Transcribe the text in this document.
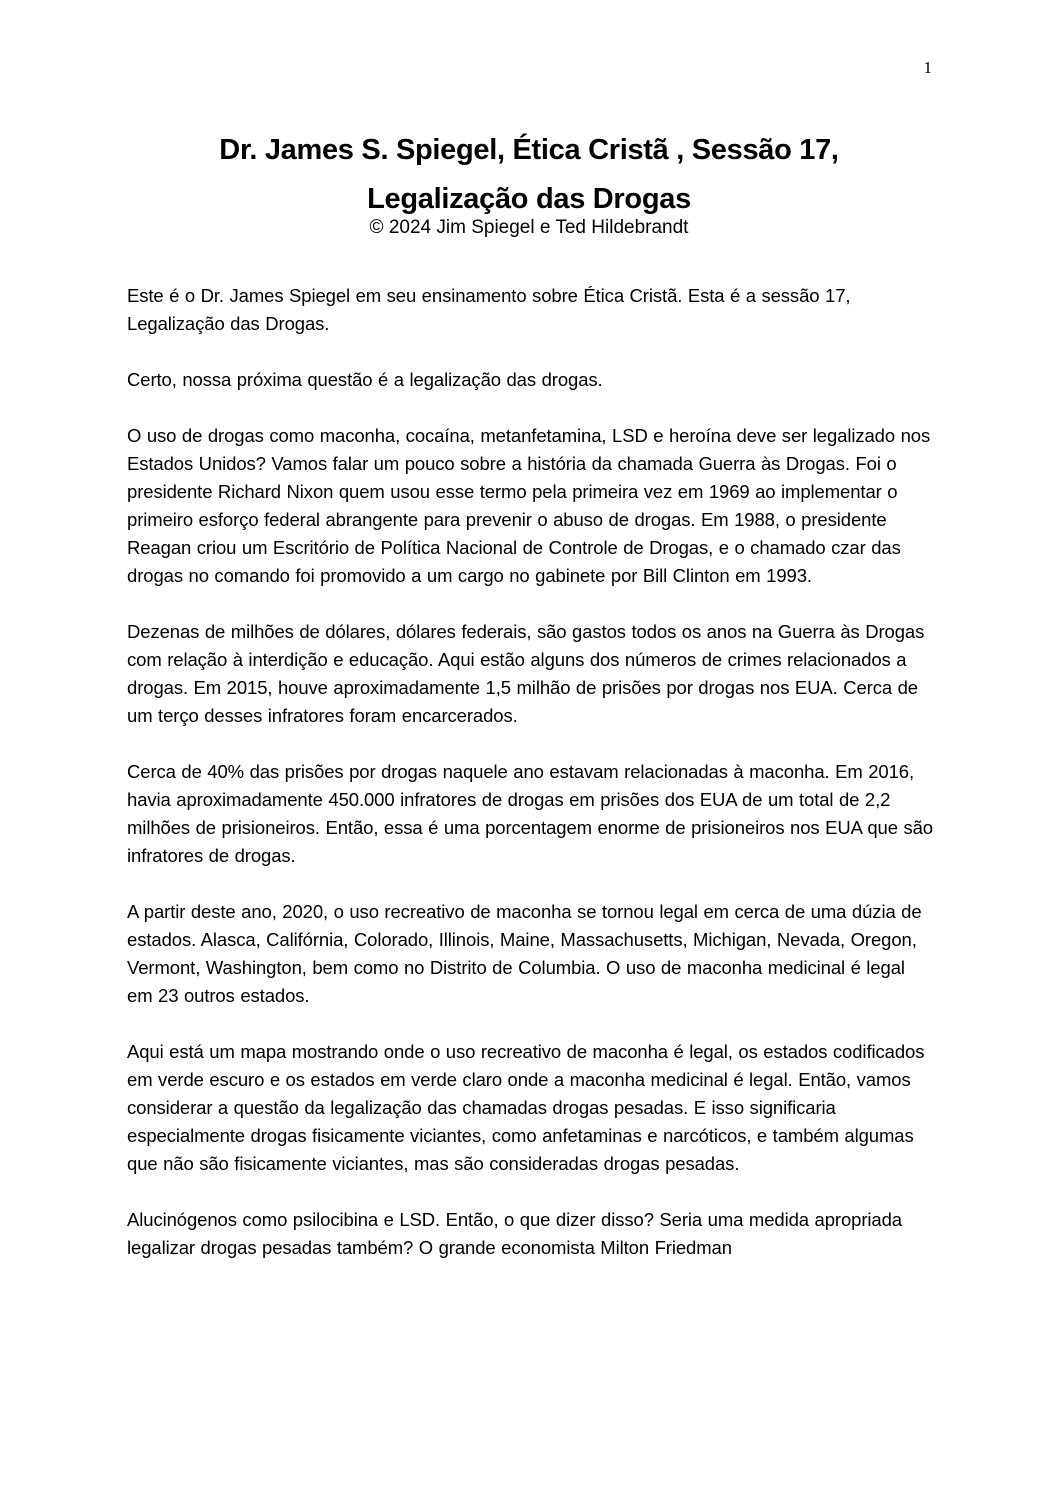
1
Dr. James S. Spiegel, Ética Cristã , Sessão 17,
Legalização das Drogas
© 2024 Jim Spiegel e Ted Hildebrandt

Este é o Dr. James Spiegel em seu ensinamento sobre Ética Cristã. Esta é a sessão 17, Legalização das Drogas.

Certo, nossa próxima questão é a legalização das drogas.

O uso de drogas como maconha, cocaína, metanfetamina, LSD e heroína deve ser legalizado nos Estados Unidos? Vamos falar um pouco sobre a história da chamada Guerra às Drogas. Foi o presidente Richard Nixon quem usou esse termo pela primeira vez em 1969 ao implementar o primeiro esforço federal abrangente para prevenir o abuso de drogas. Em 1988, o presidente Reagan criou um Escritório de Política Nacional de Controle de Drogas, e o chamado czar das drogas no comando foi promovido a um cargo no gabinete por Bill Clinton em 1993.

Dezenas de milhões de dólares, dólares federais, são gastos todos os anos na Guerra às Drogas com relação à interdição e educação. Aqui estão alguns dos números de crimes relacionados a drogas. Em 2015, houve aproximadamente 1,5 milhão de prisões por drogas nos EUA. Cerca de um terço desses infratores foram encarcerados.

Cerca de 40% das prisões por drogas naquele ano estavam relacionadas à maconha. Em 2016, havia aproximadamente 450.000 infratores de drogas em prisões dos EUA de um total de 2,2 milhões de prisioneiros. Então, essa é uma porcentagem enorme de prisioneiros nos EUA que são infratores de drogas.

A partir deste ano, 2020, o uso recreativo de maconha se tornou legal em cerca de uma dúzia de estados. Alasca, Califórnia, Colorado, Illinois, Maine, Massachusetts, Michigan, Nevada, Oregon, Vermont, Washington, bem como no Distrito de Columbia. O uso de maconha medicinal é legal em 23 outros estados.

Aqui está um mapa mostrando onde o uso recreativo de maconha é legal, os estados codificados em verde escuro e os estados em verde claro onde a maconha medicinal é legal. Então, vamos considerar a questão da legalização das chamadas drogas pesadas. E isso significaria especialmente drogas fisicamente viciantes, como anfetaminas e narcóticos, e também algumas que não são fisicamente viciantes, mas são consideradas drogas pesadas.

Alucinógenos como psilocibina e LSD. Então, o que dizer disso? Seria uma medida apropriada legalizar drogas pesadas também? O grande economista Milton Friedman
